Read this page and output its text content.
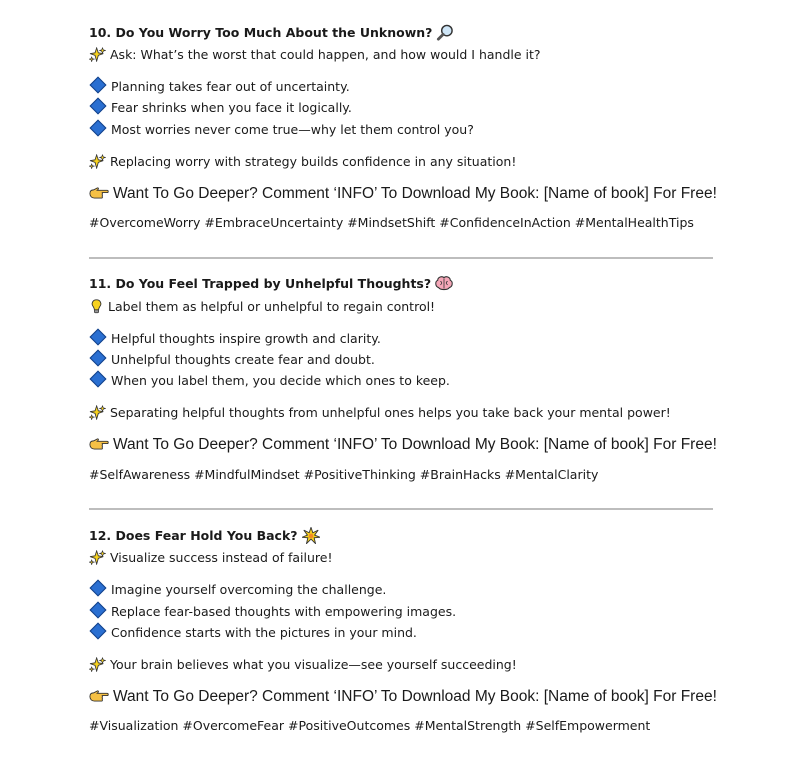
10. Do You Worry Too Much About the Unknown?
Ask: What’s the worst that could happen, and how would I handle it?
Planning takes fear out of uncertainty.
Fear shrinks when you face it logically.
Most worries never come true—why let them control you?
Replacing worry with strategy builds confidence in any situation!
Want To Go Deeper? Comment ‘INFO’ To Download My Book: [Name of book] For Free!
#OvercomeWorry #EmbraceUncertainty #MindsetShift #ConfidenceInAction #MentalHealthTips
11. Do You Feel Trapped by Unhelpful Thoughts?
Label them as helpful or unhelpful to regain control!
Helpful thoughts inspire growth and clarity.
Unhelpful thoughts create fear and doubt.
When you label them, you decide which ones to keep.
Separating helpful thoughts from unhelpful ones helps you take back your mental power!
Want To Go Deeper? Comment ‘INFO’ To Download My Book: [Name of book] For Free!
#SelfAwareness #MindfulMindset #PositiveThinking #BrainHacks #MentalClarity
12. Does Fear Hold You Back?
Visualize success instead of failure!
Imagine yourself overcoming the challenge.
Replace fear-based thoughts with empowering images.
Confidence starts with the pictures in your mind.
Your brain believes what you visualize—see yourself succeeding!
Want To Go Deeper? Comment ‘INFO’ To Download My Book: [Name of book] For Free!
#Visualization #OvercomeFear #PositiveOutcomes #MentalStrength #SelfEmpowerment
